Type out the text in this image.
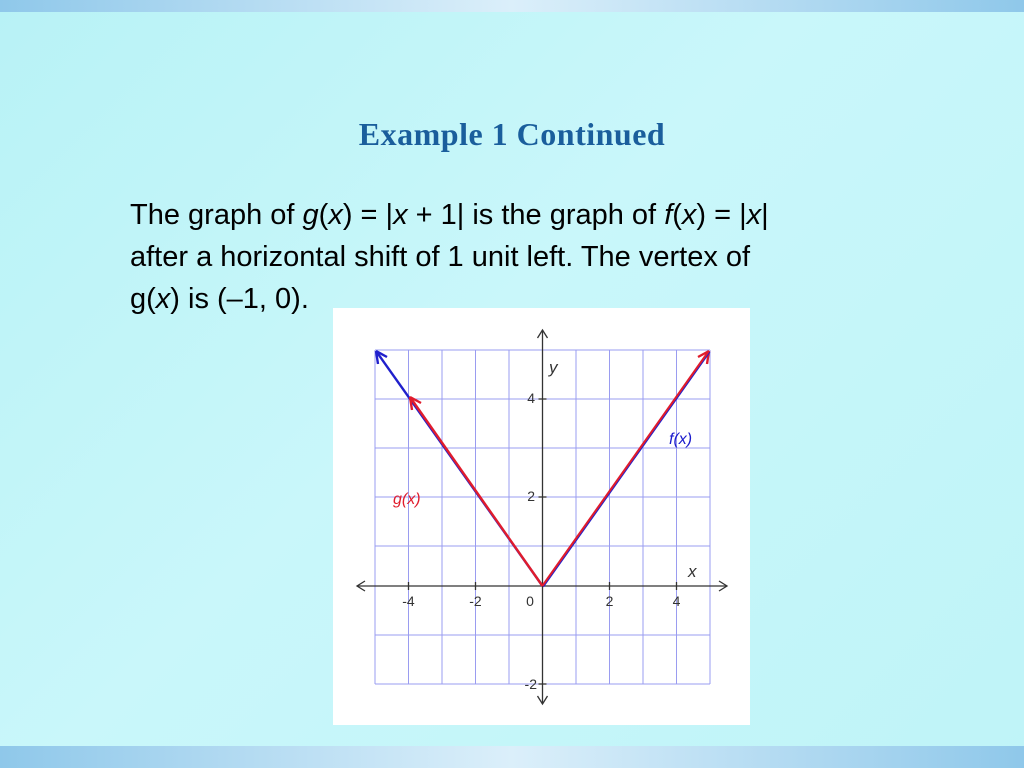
Example 1 Continued
The graph of g(x) = |x + 1| is the graph of f(x) = |x|
after a horizontal shift of 1 unit left. The vertex of
g(x) is (–1, 0).
-4	-2	0	2	4
4
2
-2
x
y
f(x)
g(x)
